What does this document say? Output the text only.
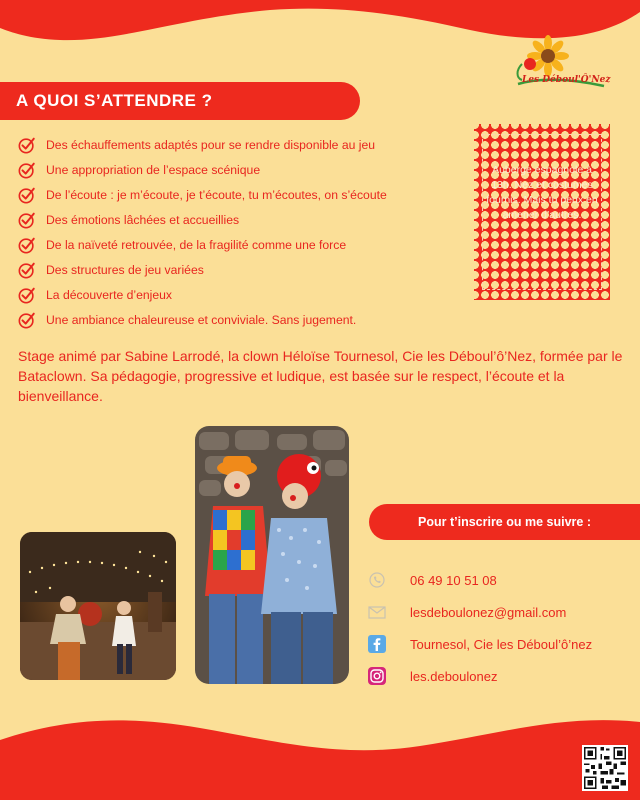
Les Déboul'Ô'Nez
A QUOI S’ATTENDRE ?
Des échauffements adaptés pour se rendre disponible au jeu
Une appropriation de l’espace scénique
De l’écoute : je m’écoute, je t’écoute, tu m’écoutes, on s’écoute
Des émotions lâchées et accueillies
De la naïveté retrouvée, de la fragilité comme une force
Des structures de jeu variées
La découverte d’enjeux
Une ambiance chaleureuse et conviviale. Sans jugement.
Auberge espagnole à 13h. Nez et costumes fournis. Mais tu peux en amener d’autres.
Stage animé par Sabine Larrodé, la clown Héloïse Tournesol, Cie les Déboul’ô’Nez, formée par le Bataclown. Sa pédagogie, progressive et ludique, est basée sur le respect, l’écoute et la bienveillance.
Pour t’inscrire ou me suivre :
06 49 10 51 08
lesdeboulonez@gmail.com
Tournesol, Cie les Déboul’ô’nez
les.deboulonez
